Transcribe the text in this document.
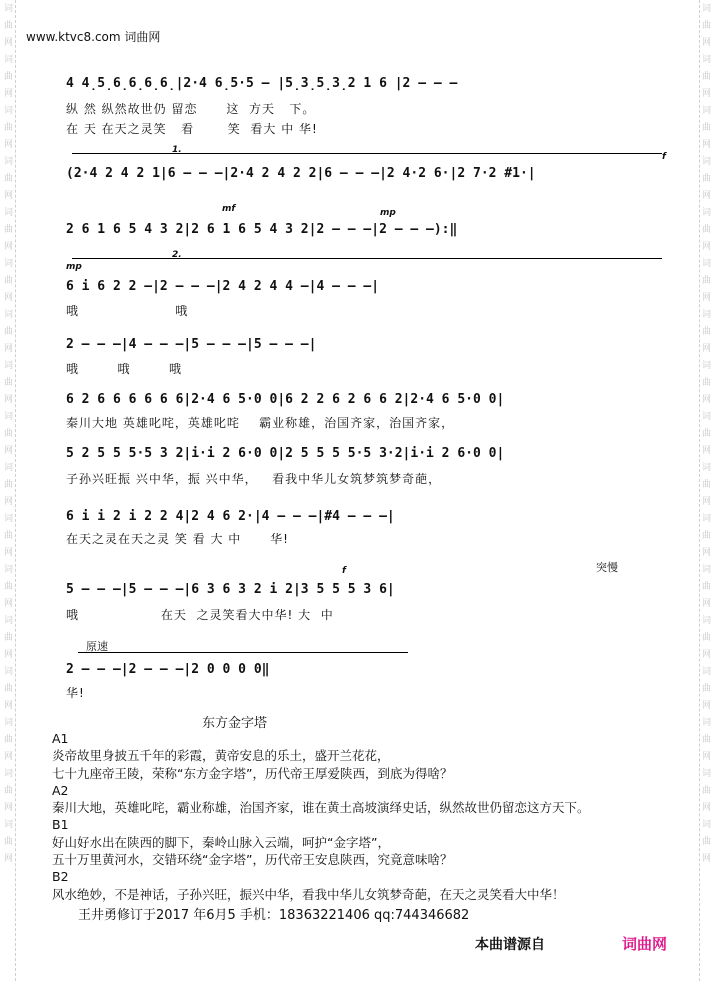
词
曲
网
词
曲
网
词
曲
网
词
曲
网
词
曲
网
词
曲
网
词
曲
网
词
曲
网
词
曲
网
词
曲
网
词
曲
网
词
曲
网
词
曲
网
词
曲
网
词
曲
网
词
曲
网
词
曲
网
词
曲
网
词
曲
网
词
曲
网
词
曲
网
词
曲
网
词
曲
网
词
曲
网
词
曲
网
词
曲
网
词
曲
网
词
曲
网
词
曲
网
词
曲
网
词
曲
网
词
曲
网
词
曲
网
词
曲
网
www.ktvc8.com 词曲网
4 4̣5̣6̣6̣6̣6̣|2·4 6̣5·5 – |5̣3̣5̣3̣2 1 6 |2 – – –
纵 然 纵然故世仍 留恋      这  方天   下。
在 天 在天之灵笑   看       笑  看大 中 华!
1.
(2·4 2 4 2 1|6 – – –|2·4 2 4 2 2|6 – – –|2 4·2 6·|2 7·2 #1·|
f
mf	mp
2 6 1 6 5 4 3 2|2 6 1 6 5 4 3 2|2 – – –|2 – – –):‖
2.
mp
6 i 6 2 2 –|2 – – –|2 4 2 4 4 –|4 – – –|
哦                    哦
2 – – –|4 – – –|5 – – –|5 – – –|
哦        哦        哦
6 2 6 6 6 6 6 6|2·4 6 5·0 0|6 2 2 6 2 6 6 2|2·4 6 5·0 0|
秦川大地 英雄叱咤，英雄叱咤    霸业称雄，治国齐家，治国齐家，
5 2 5 5 5·5 3 2|i·i 2 6·0 0|2 5 5 5 5·5 3·2|i·i 2 6·0 0|
子孙兴旺振 兴中华，振 兴中华，   看我中华儿女筑梦筑梦奇葩，
6 i i 2 i 2 2 4|2 4 6 2·|4 – – –|#4 – – –|
在天之灵在天之灵 笑 看 大 中      华!
f	突慢
5 – – –|5 – – –|6 3 6 3 2 i 2|3 5 5 5 3 6|
哦                 在天  之灵笑看大中华! 大  中
原速
2 – – –|2 – – –|2 0 0 0 0‖
华!
东方金字塔
A1
炎帝故里身披五千年的彩霞，黄帝安息的乐土，盛开兰花花，
七十九座帝王陵，荣称“东方金字塔”，历代帝王厚爱陕西，到底为得啥？
A2
秦川大地，英雄叱咤，霸业称雄，治国齐家，谁在黄土高坡演绎史话，纵然故世仍留恋这方天下。
B1
好山好水出在陕西的脚下，秦岭山脉入云端，呵护“金字塔”，
五十万里黄河水，交错环绕“金字塔”，历代帝王安息陕西，究竟意味啥？
B2
风水绝妙，不是神话，子孙兴旺，振兴中华，看我中华儿女筑梦奇葩，在天之灵笑看大中华！
王井勇修订于2017 年6月5 手机：18363221406 qq:744346682
本曲谱源自	词曲网
